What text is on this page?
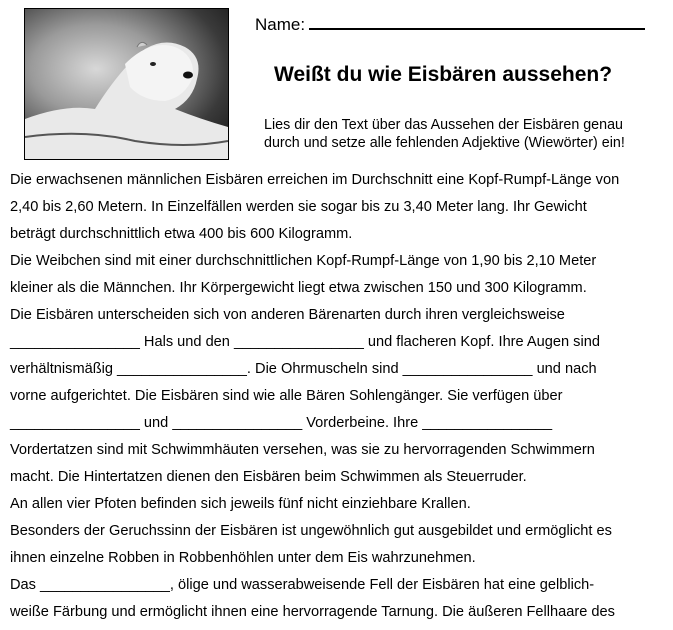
Name:
Weißt du wie Eisbären aussehen?
Lies dir den Text über das Aussehen der Eisbären genau
durch und setze alle fehlenden Adjektive (Wiewörter) ein!
Die erwachsenen männlichen Eisbären erreichen im Durchschnitt eine Kopf-Rumpf-Länge von
2,40 bis 2,60 Metern. In Einzelfällen werden sie sogar bis zu 3,40 Meter lang. Ihr Gewicht
beträgt durchschnittlich etwa 400 bis 600 Kilogramm.
Die Weibchen sind mit einer durchschnittlichen Kopf-Rumpf-Länge von 1,90 bis 2,10 Meter
kleiner als die Männchen. Ihr Körpergewicht liegt etwa zwischen 150 und 300 Kilogramm.
Die Eisbären unterscheiden sich von anderen Bärenarten durch ihren vergleichsweise
________________ Hals und den ________________ und flacheren Kopf. Ihre Augen sind
verhältnismäßig ________________. Die Ohrmuscheln sind ________________ und nach
vorne aufgerichtet. Die Eisbären sind wie alle Bären Sohlengänger. Sie verfügen über
________________ und ________________ Vorderbeine. Ihre ________________
Vordertatzen sind mit Schwimmhäuten versehen, was sie zu hervorragenden Schwimmern
macht. Die Hintertatzen dienen den Eisbären beim Schwimmen als Steuerruder.
An allen vier Pfoten befinden sich jeweils fünf nicht einziehbare Krallen.
Besonders der Geruchssinn der Eisbären ist ungewöhnlich gut ausgebildet und ermöglicht es
ihnen einzelne Robben in Robbenhöhlen unter dem Eis wahrzunehmen.
Das ________________, ölige und wasserabweisende Fell der Eisbären hat eine gelblich-
weiße Färbung und ermöglicht ihnen eine hervorragende Tarnung. Die äußeren Fellhaare des
